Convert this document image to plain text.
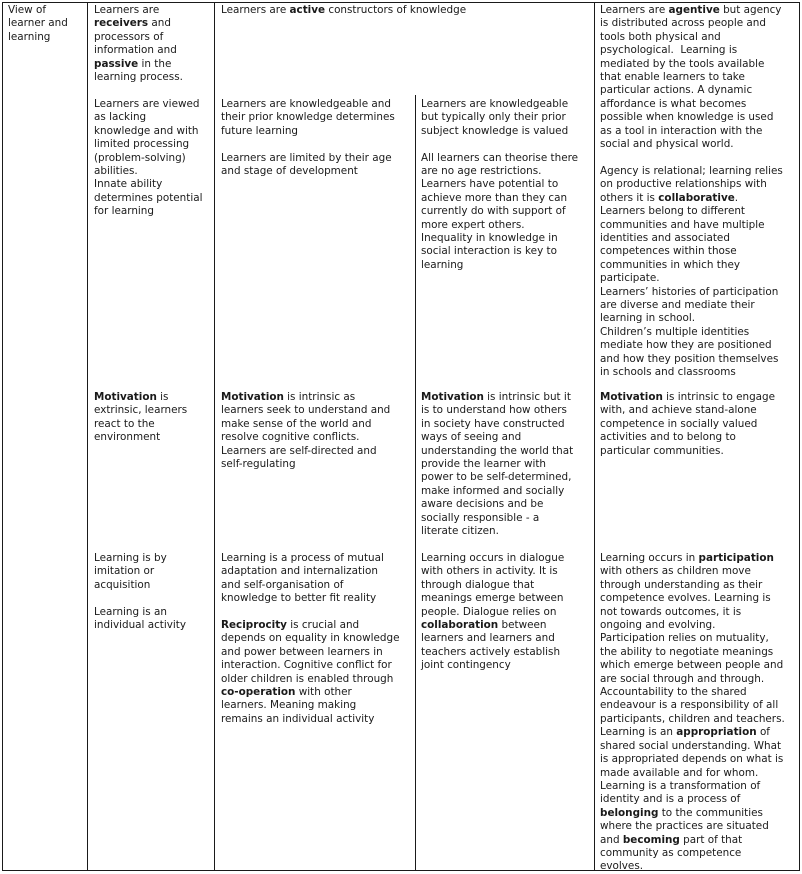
View of
learner and
learning
Learners are receivers and
processors of
information and
passive in the
learning process.
Learners are active constructors of knowledge	Learners are agentive but agency
is distributed across people and
tools both physical and
psychological.  Learning is
mediated by the tools available
that enable learners to take
particular actions. A dynamic
affordance is what becomes
possible when knowledge is used
as a tool in interaction with the
social and physical world.

Agency is relational; learning relies
on productive relationships with
others it is collaborative.
Learners belong to different
communities and have multiple
identities and associated
competences within those
communities in which they
participate.
Learners’ histories of participation
are diverse and mediate their
learning in school.
Children’s multiple identities
mediate how they are positioned
and how they position themselves
in schools and classrooms
Learners are viewed
as lacking
knowledge and with
limited processing
(problem-solving)
abilities.
Innate ability
determines potential
for learning
Learners are knowledgeable and
their prior knowledge determines
future learning

Learners are limited by their age
and stage of development
Learners are knowledgeable
but typically only their prior
subject knowledge is valued

All learners can theorise there
are no age restrictions.
Learners have potential to
achieve more than they can
currently do with support of
more expert others.
Inequality in knowledge in
social interaction is key to
learning
Motivation is
extrinsic, learners
react to the
environment
Motivation is intrinsic as
learners seek to understand and
make sense of the world and
resolve cognitive conflicts.
Learners are self-directed and
self-regulating
Motivation is intrinsic but it
is to understand how others
in society have constructed
ways of seeing and
understanding the world that
provide the learner with
power to be self-determined,
make informed and socially
aware decisions and be
socially responsible - a
literate citizen.
Motivation is intrinsic to engage
with, and achieve stand-alone
competence in socially valued
activities and to belong to
particular communities.
Learning is by
imitation or
acquisition

Learning is an
individual activity
Learning is a process of mutual
adaptation and internalization
and self-organisation of
knowledge to better fit reality

Reciprocity is crucial and
depends on equality in knowledge
and power between learners in
interaction. Cognitive conflict for
older children is enabled through
co-operation with other
learners. Meaning making
remains an individual activity
Learning occurs in dialogue
with others in activity. It is
through dialogue that
meanings emerge between
people. Dialogue relies on
collaboration between
learners and learners and
teachers actively establish
joint contingency
Learning occurs in participation
with others as children move
through understanding as their
competence evolves. Learning is
not towards outcomes, it is
ongoing and evolving.
Participation relies on mutuality,
the ability to negotiate meanings
which emerge between people and
are social through and through.
Accountability to the shared
endeavour is a responsibility of all
participants, children and teachers.
Learning is an appropriation of
shared social understanding. What
is appropriated depends on what is
made available and for whom.
Learning is a transformation of
identity and is a process of
belonging to the communities
where the practices are situated
and becoming part of that
community as competence
evolves.
